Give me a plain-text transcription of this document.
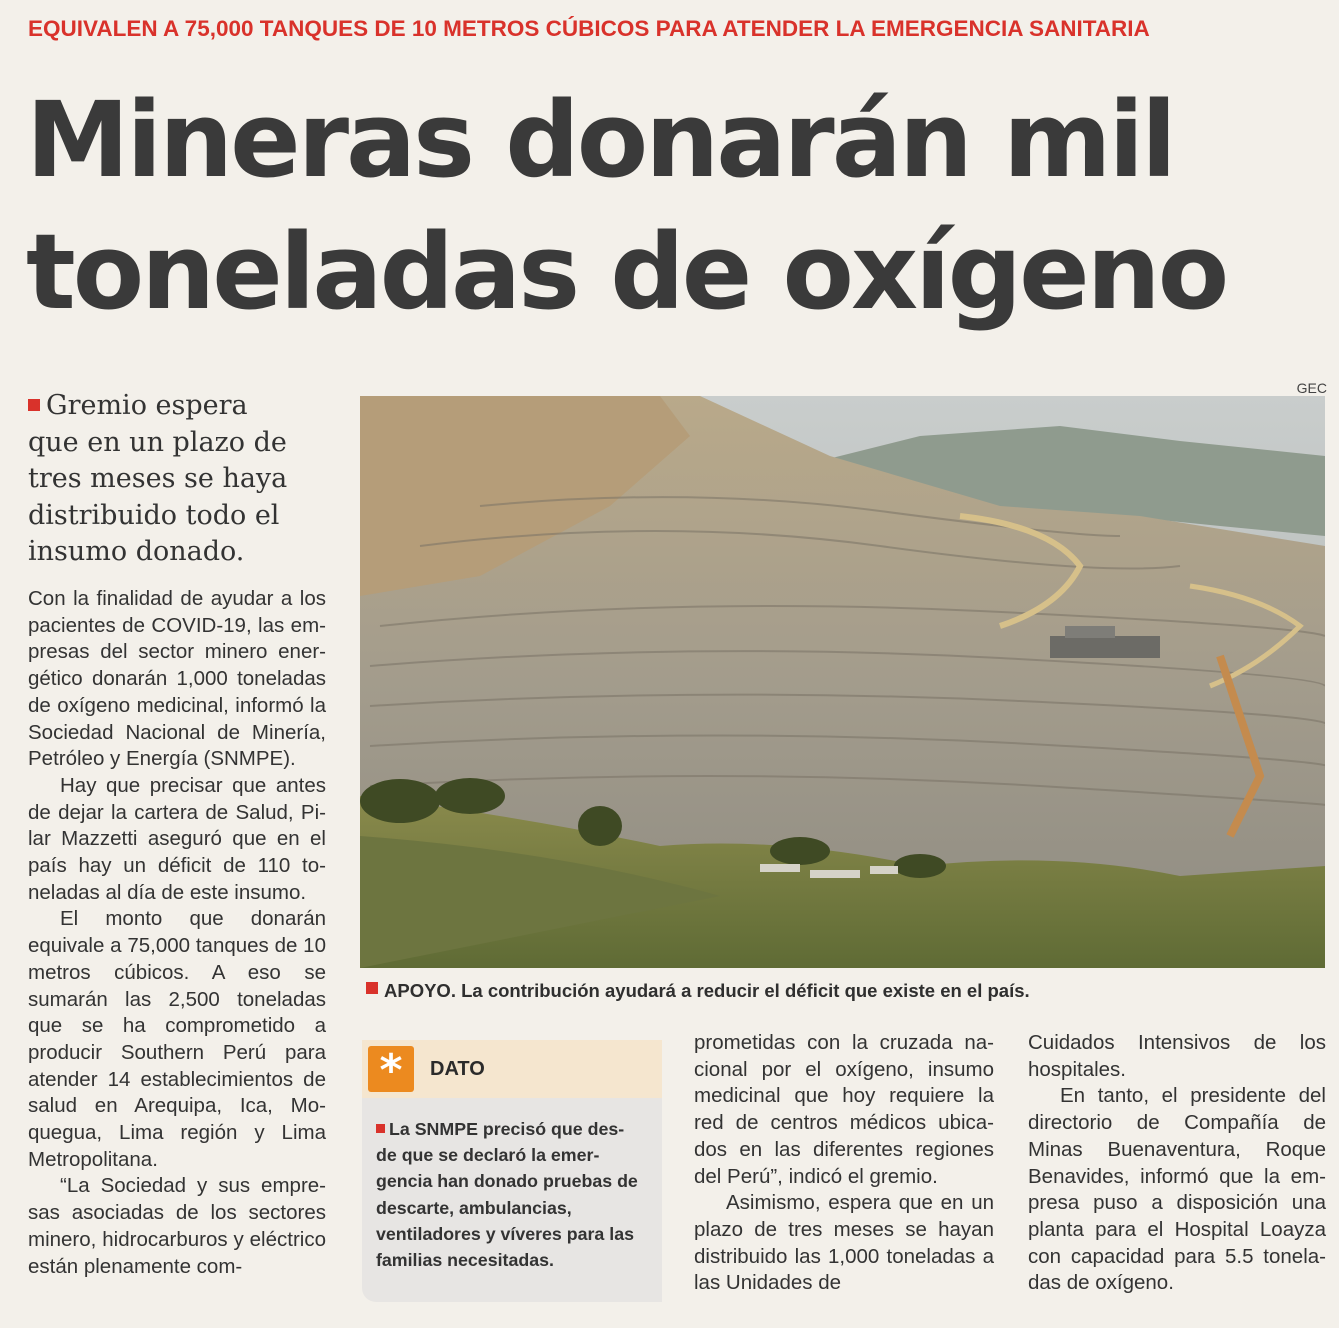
EQUIVALEN A 75,000 TANQUES DE 10 METROS CÚBICOS PARA ATENDER LA EMERGENCIA SANITARIA
Mineras donarán mil
toneladas de oxígeno
Gremio espera
que en un plazo de
tres meses se haya
distribuido todo el
insumo donado.
GEC
APOYO. La contribución ayudará a reducir el déficit que existe en el país.

Con la finalidad de ayudar a los pacientes de COVID-19, las empresas del sector minero energético donarán 1,000 toneladas de oxígeno medicinal, informó la Sociedad Nacional de Minería, Petróleo y Energía (SNMPE).

Hay que precisar que antes de dejar la cartera de Salud, Pilar Mazzetti aseguró que en el país hay un déficit de 110 toneladas al día de este insumo.

El monto que donarán equivale a 75,000 tanques de 10 metros cúbicos. A eso se sumarán las 2,500 toneladas que se ha comprometido a producir Southern Perú para atender 14 establecimientos de salud en Arequipa, Ica, Moquegua, Lima región y Lima Metropolitana.

“La Sociedad y sus empresas asociadas de los sectores minero, hidrocarburos y eléctrico están plenamente com-

*	DATO
La SNMPE precisó que desde que se declaró la emergencia han donado pruebas de descarte, ambulancias, ventiladores y víveres para las familias necesitadas.

prometidas con la cruzada nacional por el oxígeno, insumo medicinal que hoy requiere la red de centros médicos ubicados en las diferentes regiones del Perú”, indicó el gremio.

Asimismo, espera que en un plazo de tres meses se hayan distribuido las 1,000 toneladas a las Unidades de

Cuidados Intensivos de los hospitales.

En tanto, el presidente del directorio de Compañía de Minas Buenaventura, Roque Benavides, informó que la empresa puso a disposición una planta para el Hospital Loayza con capacidad para 5.5 toneladas de oxígeno.
